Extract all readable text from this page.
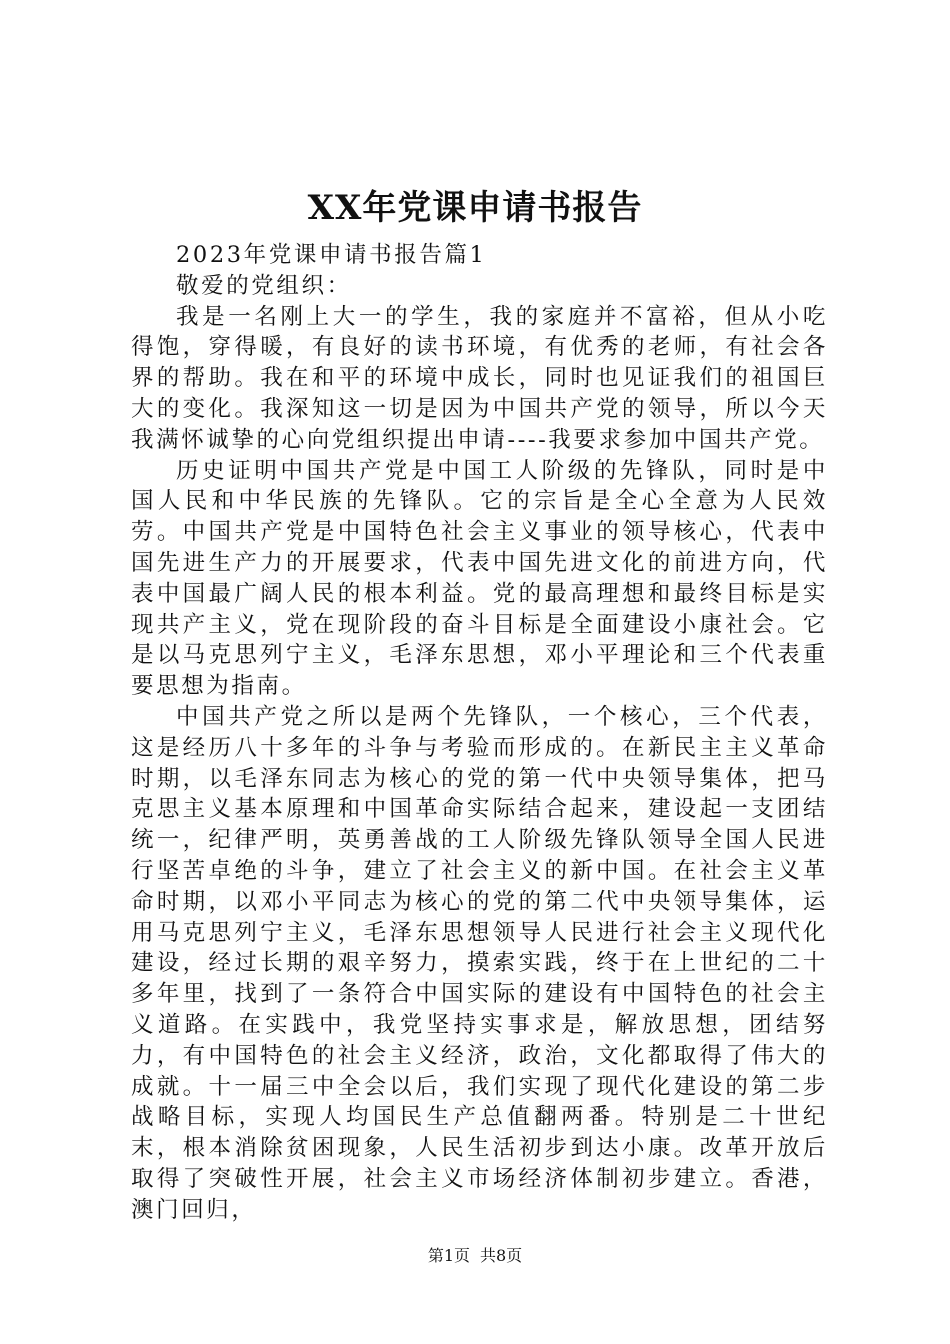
XX年党课申请书报告

2023年党课申请书报告篇1

敬爱的党组织：

我是一名刚上大一的学生，我的家庭并不富裕，但从小吃得饱，穿得暖，有良好的读书环境，有优秀的老师，有社会各界的帮助。我在和平的环境中成长，同时也见证我们的祖国巨大的变化。我深知这一切是因为中国共产党的领导，所以今天我满怀诚挚的心向党组织提出申请----我要求参加中国共产党。

历史证明中国共产党是中国工人阶级的先锋队，同时是中国人民和中华民族的先锋队。它的宗旨是全心全意为人民效劳。中国共产党是中国特色社会主义事业的领导核心，代表中国先进生产力的开展要求，代表中国先进文化的前进方向，代表中国最广阔人民的根本利益。党的最高理想和最终目标是实现共产主义，党在现阶段的奋斗目标是全面建设小康社会。它是以马克思列宁主义，毛泽东思想，邓小平理论和三个代表重要思想为指南。

中国共产党之所以是两个先锋队，一个核心，三个代表，这是经历八十多年的斗争与考验而形成的。在新民主主义革命时期，以毛泽东同志为核心的党的第一代中央领导集体，把马克思主义基本原理和中国革命实际结合起来，建设起一支团结统一，纪律严明，英勇善战的工人阶级先锋队领导全国人民进行坚苦卓绝的斗争，建立了社会主义的新中国。在社会主义革命时期，以邓小平同志为核心的党的第二代中央领导集体，运用马克思列宁主义，毛泽东思想领导人民进行社会主义现代化建设，经过长期的艰辛努力，摸索实践，终于在上世纪的二十多年里，找到了一条符合中国实际的建设有中国特色的社会主义道路。在实践中，我党坚持实事求是，解放思想，团结努力，有中国特色的社会主义经济，政治，文化都取得了伟大的成就。十一届三中全会以后，我们实现了现代化建设的第二步战略目标，实现人均国民生产总值翻两番。特别是二十世纪末，根本消除贫困现象，人民生活初步到达小康。改革开放后取得了突破性开展，社会主义市场经济体制初步建立。香港，澳门回归，

第1页 共8页
